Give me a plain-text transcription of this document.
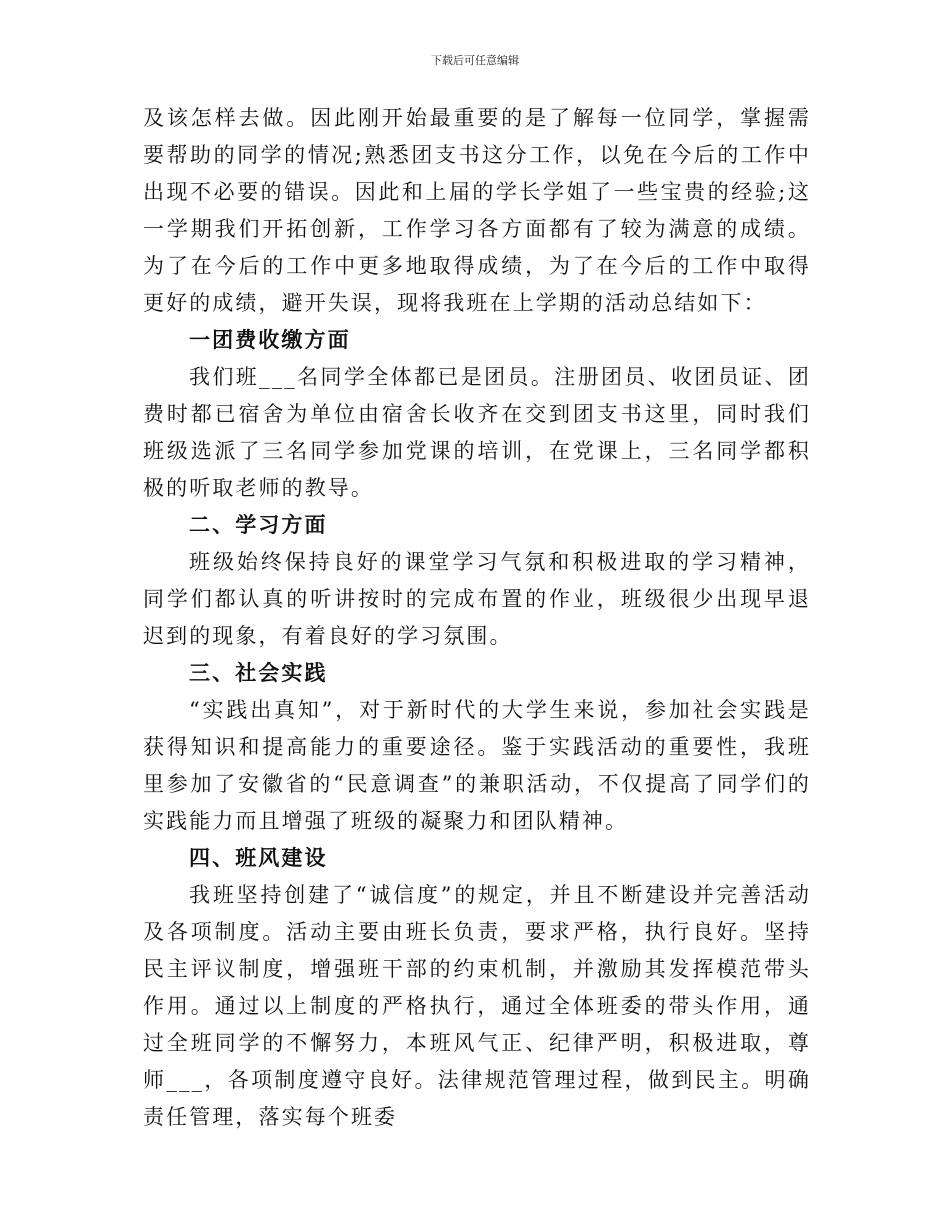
下载后可任意编辑

及该怎样去做。因此刚开始最重要的是了解每一位同学，掌握需要帮助的同学的情况;熟悉团支书这分工作，以免在今后的工作中出现不必要的错误。因此和上届的学长学姐了一些宝贵的经验;这一学期我们开拓创新，工作学习各方面都有了较为满意的成绩。为了在今后的工作中更多地取得成绩，为了在今后的工作中取得更好的成绩，避开失误，现将我班在上学期的活动总结如下：

一团费收缴方面

我们班___名同学全体都已是团员。注册团员、收团员证、团费时都已宿舍为单位由宿舍长收齐在交到团支书这里，同时我们班级选派了三名同学参加党课的培训，在党课上，三名同学都积极的听取老师的教导。

二、学习方面

班级始终保持良好的课堂学习气氛和积极进取的学习精神，同学们都认真的听讲按时的完成布置的作业，班级很少出现早退迟到的现象，有着良好的学习氛围。

三、社会实践

“实践出真知”，对于新时代的大学生来说，参加社会实践是获得知识和提高能力的重要途径。鉴于实践活动的重要性，我班里参加了安徽省的“民意调查”的兼职活动，不仅提高了同学们的实践能力而且增强了班级的凝聚力和团队精神。

四、班风建设

我班坚持创建了“诚信度”的规定，并且不断建设并完善活动及各项制度。活动主要由班长负责，要求严格，执行良好。坚持民主评议制度，增强班干部的约束机制，并激励其发挥模范带头作用。通过以上制度的严格执行，通过全体班委的带头作用，通过全班同学的不懈努力，本班风气正、纪律严明，积极进取，尊师___，各项制度遵守良好。法律规范管理过程，做到民主。明确责任管理，落实每个班委
